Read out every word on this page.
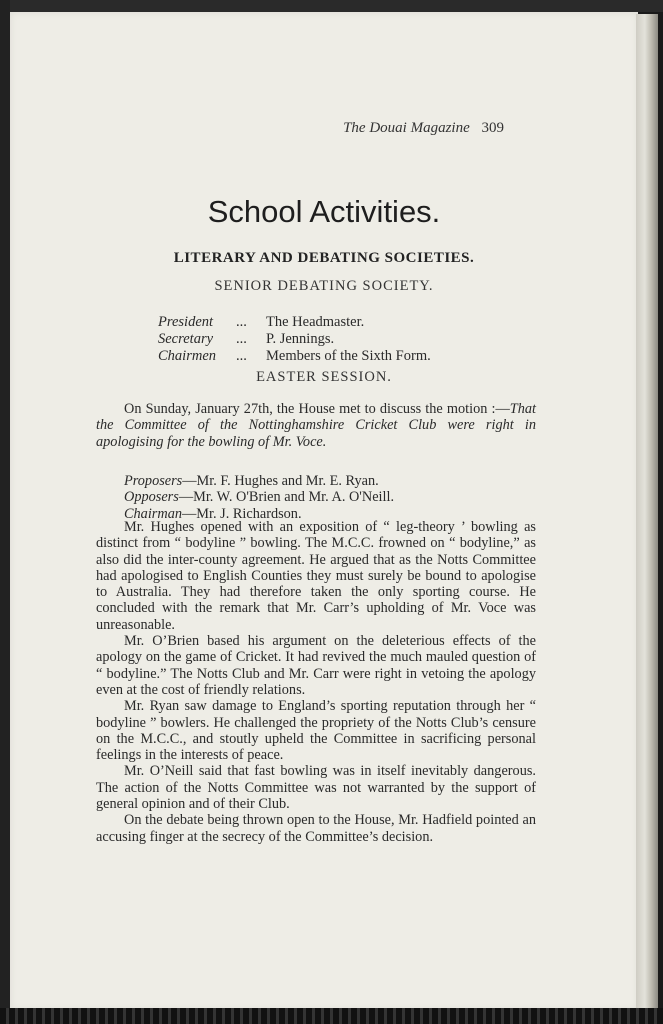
The Douai Magazine 309
School Activities.
LITERARY AND DEBATING SOCIETIES.
SENIOR DEBATING SOCIETY.
President	...	The Headmaster.
Secretary	...	P. Jennings.
Chairmen	...	Members of the Sixth Form.
EASTER SESSION.

On Sunday, January 27th, the House met to discuss the motion :—That the Committee of the Nottinghamshire Cricket Club were right in apologising for the bowling of Mr. Voce.

Proposers—Mr. F. Hughes and Mr. E. Ryan.
Opposers—Mr. W. O'Brien and Mr. A. O'Neill.
Chairman—Mr. J. Richardson.

Mr. Hughes opened with an exposition of “ leg-theory ’ bowling as distinct from “ bodyline ” bowling. The M.C.C. frowned on “ bodyline,” as also did the inter-county agreement. He argued that as the Notts Committee had apologised to English Counties they must surely be bound to apologise to Australia. They had therefore taken the only sporting course. He concluded with the remark that Mr. Carr’s upholding of Mr. Voce was unreasonable.

Mr. O’Brien based his argument on the deleterious effects of the apology on the game of Cricket. It had revived the much mauled question of “ bodyline.” The Notts Club and Mr. Carr were right in vetoing the apology even at the cost of friendly relations.

Mr. Ryan saw damage to England’s sporting reputation through her “ bodyline ” bowlers. He challenged the propriety of the Notts Club’s censure on the M.C.C., and stoutly upheld the Committee in sacrificing personal feelings in the interests of peace.

Mr. O’Neill said that fast bowling was in itself inevitably dangerous. The action of the Notts Committee was not warranted by the support of general opinion and of their Club.

On the debate being thrown open to the House, Mr. Hadfield pointed an accusing finger at the secrecy of the Committee’s decision.
